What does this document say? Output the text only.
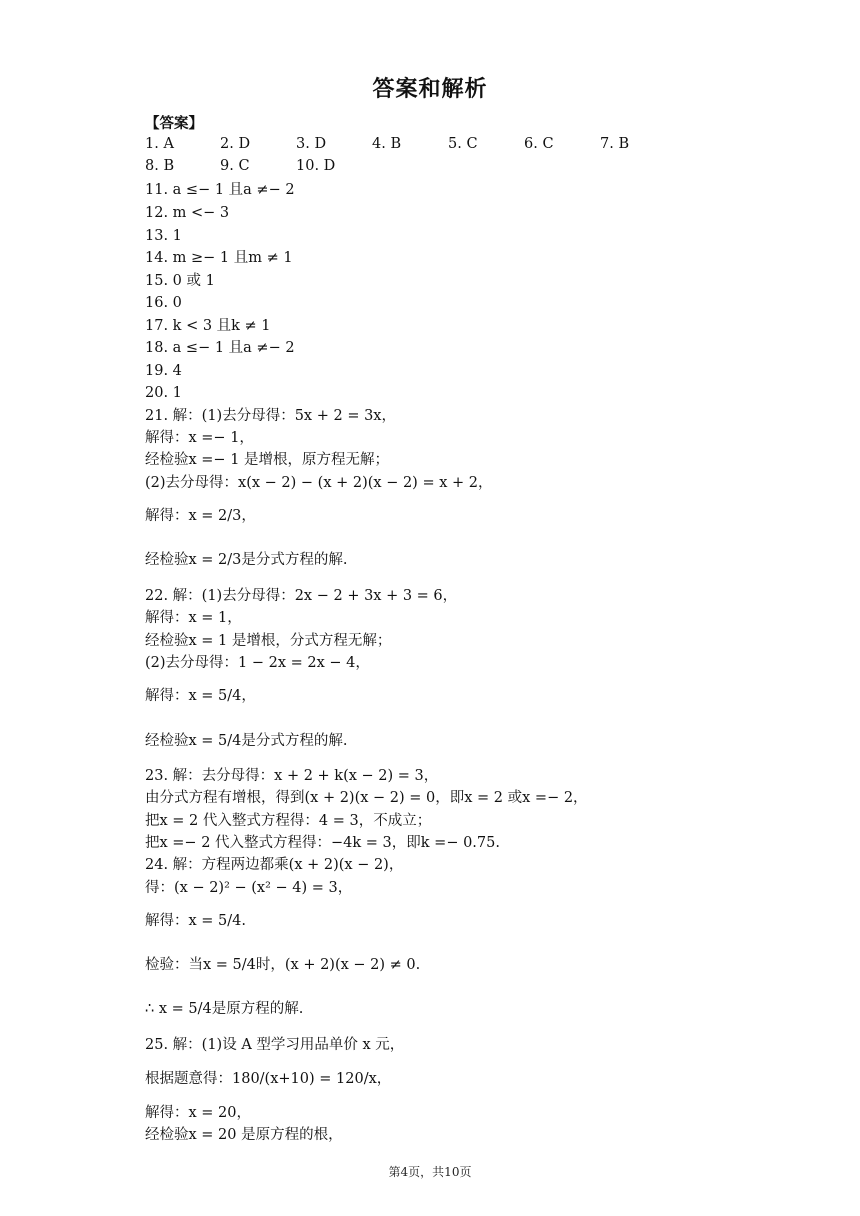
答案和解析
【答案】
1. A	2. D	3. D	4. B	5. C	6. C	7. B
8. B	9. C	10. D
11. a ≤− 1 且a ≠− 2
12. m <− 3
13. 1
14. m ≥− 1 且m ≠ 1
15. 0 或 1
16. 0
17. k < 3 且k ≠ 1
18. a ≤− 1 且a ≠− 2
19. 4
20. 1
21. 解：(1)去分母得：5x + 2 = 3x，
解得：x =− 1，
经检验x =− 1 是增根，原方程无解；
(2)去分母得：x(x − 2) − (x + 2)(x − 2) = x + 2，
解得：x = 2/3，
经检验x = 2/3是分式方程的解.
22. 解：(1)去分母得：2x − 2 + 3x + 3 = 6，
解得：x = 1，
经检验x = 1 是增根，分式方程无解；
(2)去分母得：1 − 2x = 2x − 4，
解得：x = 5/4，
经检验x = 5/4是分式方程的解.
23. 解：去分母得：x + 2 + k(x − 2) = 3，
由分式方程有增根，得到(x + 2)(x − 2) = 0，即x = 2 或x =− 2，
把x = 2 代入整式方程得：4 = 3，不成立；
把x =− 2 代入整式方程得：−4k = 3，即k =− 0.75.
24. 解：方程两边都乘(x + 2)(x − 2)，
得：(x − 2)² − (x² − 4) = 3，
解得：x = 5/4.
检验：当x = 5/4时，(x + 2)(x − 2) ≠ 0.
∴ x = 5/4是原方程的解.
25. 解：(1)设 A 型学习用品单价 x 元，
根据题意得：180/(x+10) = 120/x，
解得：x = 20，
经检验x = 20 是原方程的根，
第4页，共10页
